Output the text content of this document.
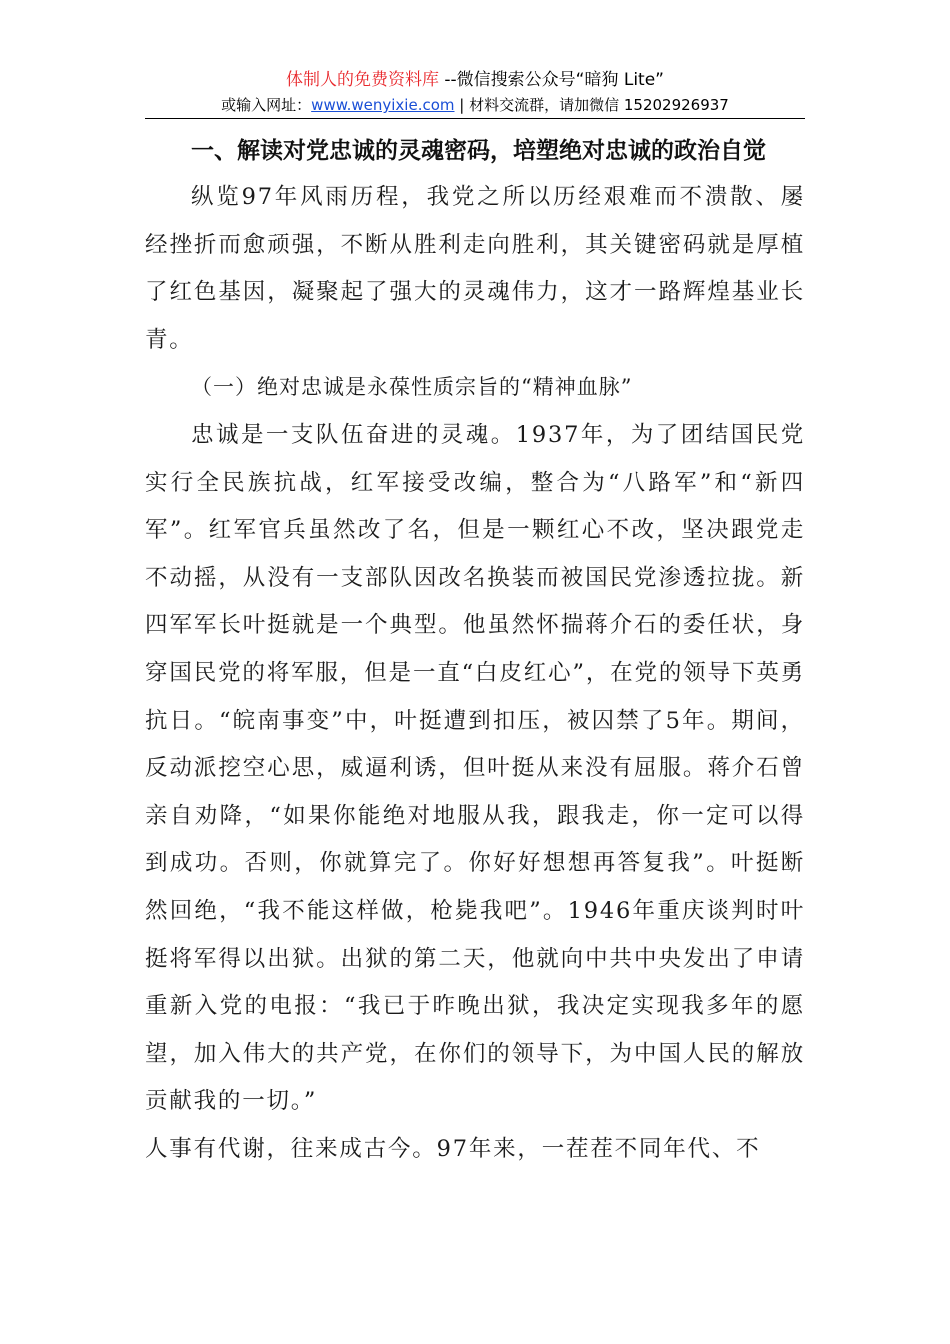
体制人的免费资料库 --微信搜索公众号“暗狗 Lite”
或输入网址：www.wenyixie.com | 材料交流群，请加微信 15202926937

一、解读对党忠诚的灵魂密码，培塑绝对忠诚的政治自觉

纵览97年风雨历程，我党之所以历经艰难而不溃散、屡经挫折而愈顽强，不断从胜利走向胜利，其关键密码就是厚植了红色基因，凝聚起了强大的灵魂伟力，这才一路辉煌基业长青。

（一）绝对忠诚是永葆性质宗旨的“精神血脉”

忠诚是一支队伍奋进的灵魂。1937年，为了团结国民党实行全民族抗战，红军接受改编，整合为“八路军”和“新四军”。红军官兵虽然改了名，但是一颗红心不改，坚决跟党走不动摇，从没有一支部队因改名换装而被国民党渗透拉拢。新四军军长叶挺就是一个典型。他虽然怀揣蒋介石的委任状，身穿国民党的将军服，但是一直“白皮红心”，在党的领导下英勇抗日。“皖南事变”中，叶挺遭到扣压，被囚禁了5年。期间，反动派挖空心思，威逼利诱，但叶挺从来没有屈服。蒋介石曾亲自劝降，“如果你能绝对地服从我，跟我走，你一定可以得到成功。否则，你就算完了。你好好想想再答复我”。叶挺断然回绝，“我不能这样做，枪毙我吧”。1946年重庆谈判时叶挺将军得以出狱。出狱的第二天，他就向中共中央发出了申请重新入党的电报：“我已于昨晚出狱，我决定实现我多年的愿望，加入伟大的共产党，在你们的领导下，为中国人民的解放贡献我的一切。”

人事有代谢，往来成古今。97年来，一茬茬不同年代、不
